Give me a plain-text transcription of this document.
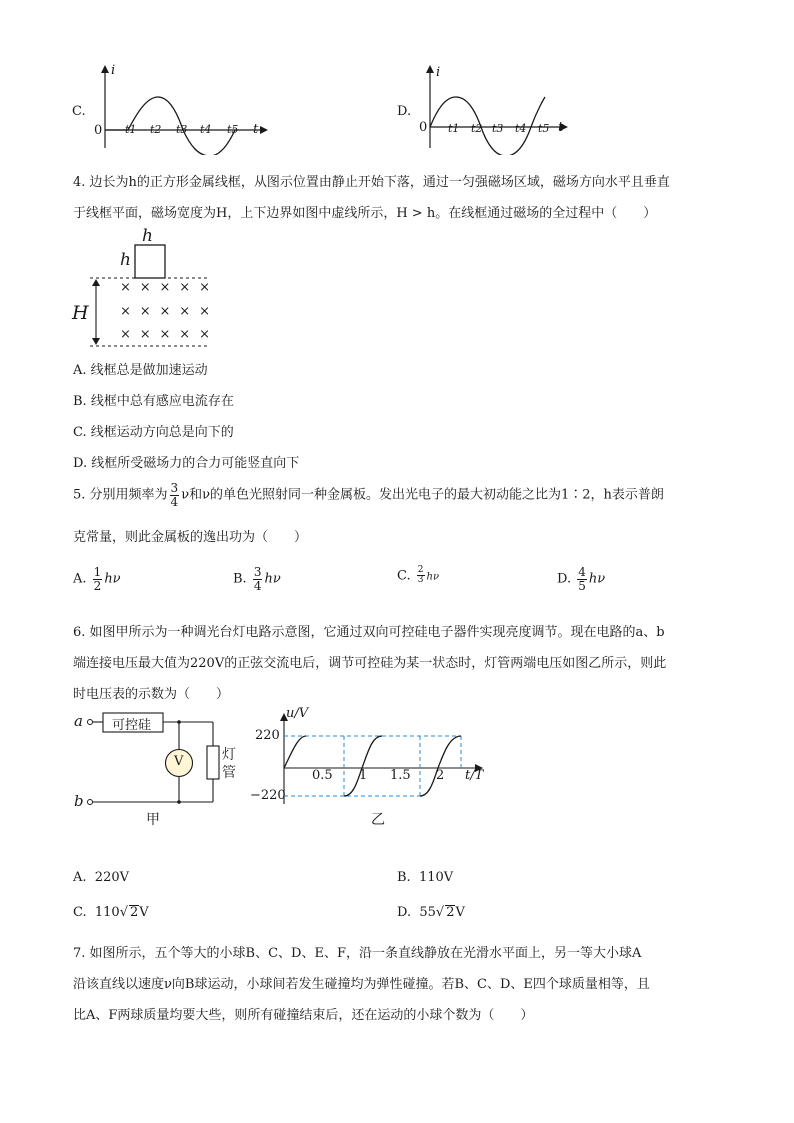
C.
i
0	t
t1 t2 t3 t4 t5
D.
i
0	t
t1 t2 t3 t4 t5
4. 边长为h的正方形金属线框，从图示位置由静止开始下落，通过一匀强磁场区域，磁场方向水平且垂直
于线框平面，磁场宽度为H，上下边界如图中虚线所示，H > h。在线框通过磁场的全过程中（　　）
h
h
H
× × × × ×
× × × × ×
× × × × ×
A. 线框总是做加速运动
B. 线框中总有感应电流存在
C. 线框运动方向总是向下的
D. 线框所受磁场力的合力可能竖直向下
5. 分别用频率为 $\frac{3}{4}$ ν和ν的单色光照射同一种金属板。发出光电子的最大初动能之比为1∶2，h表示普朗
克常量，则此金属板的逸出功为（　　）
A. $\frac{1}{2}$ hν	B. $\frac{3}{4}$ hν	C. $\frac{2}{3}$ hν	D. $\frac{4}{5}$ hν
6. 如图甲所示为一种调光台灯电路示意图，它通过双向可控硅电子器件实现亮度调节。现在电路的a、b
端连接电压最大值为220V的正弦交流电后，调节可控硅为某一状态时，灯管两端电压如图乙所示，则此
时电压表的示数为（　　）
a
b
可控硅
V	灯
管
甲
u/V
t/T
220
−220
0.5 1 1.5 2
乙
A. 220V	B. 110V
C. 110√ 2V	D. 55√ 2V
7. 如图所示，五个等大的小球B、C、D、E、F，沿一条直线静放在光滑水平面上，另一等大小球A
沿该直线以速度ν向B球运动，小球间若发生碰撞均为弹性碰撞。若B、C、D、E四个球质量相等，且
比A、F两球质量均要大些，则所有碰撞结束后，还在运动的小球个数为（　　）
